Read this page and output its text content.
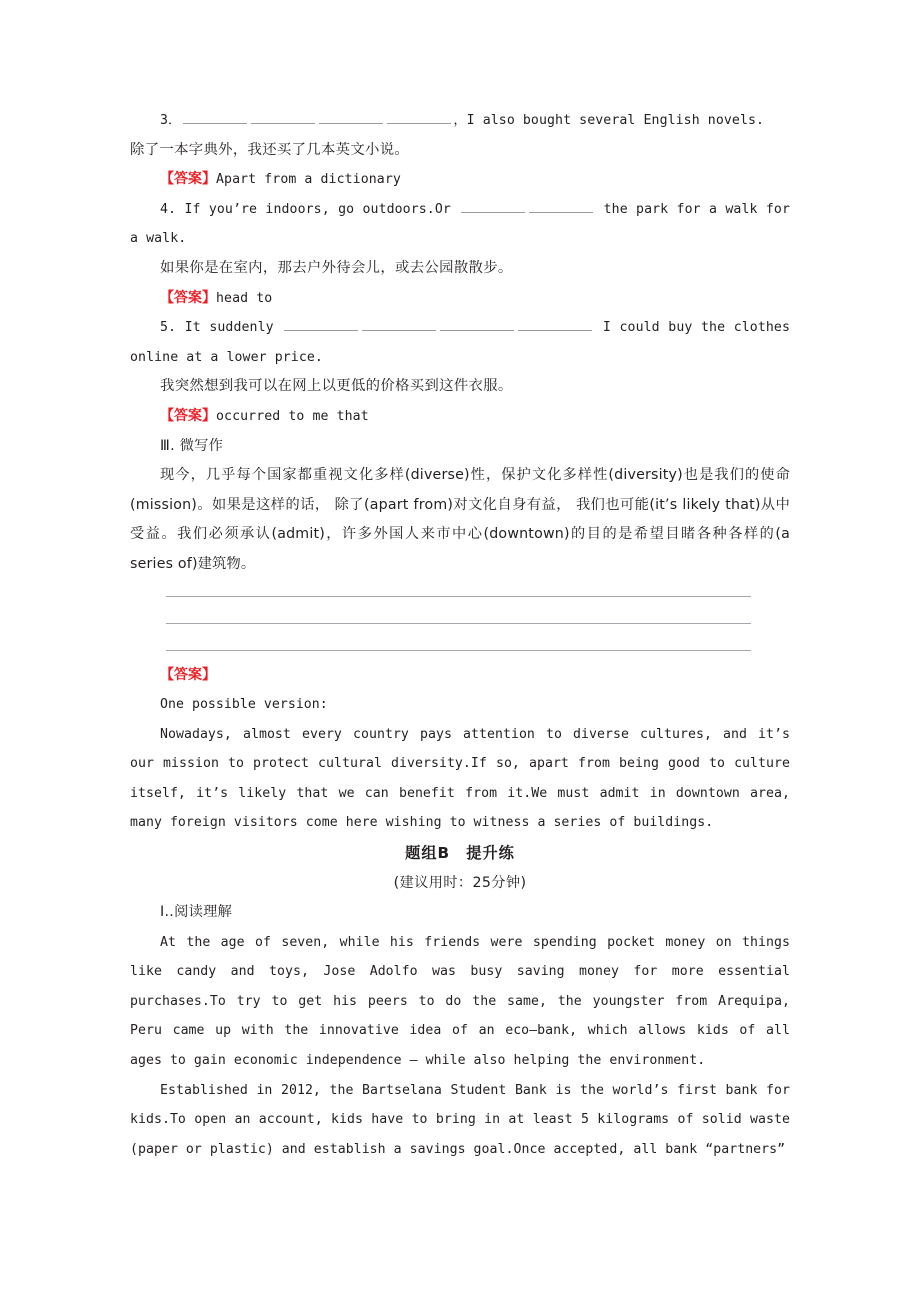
3．	，I also bought several English novels.
除了一本字典外，我还买了几本英文小说。
【答案】Apart from a dictionary
4. If you’re indoors, go outdoors.Or	the park for a walk for a walk.
如果你是在室内，那去户外待会儿，或去公园散散步。
【答案】head to
5. It suddenly	I could buy the clothes online at a lower price.
我突然想到我可以在网上以更低的价格买到这件衣服。
【答案】occurred to me that
Ⅲ. 微写作
现今，几乎每个国家都重视文化多样(diverse)性，保护文化多样性(diversity)也是我们的使命(mission)。如果是这样的话， 除了(apart from)对文化自身有益， 我们也可能(it’s likely that)从中受益。我们必须承认(admit)，许多外国人来市中心(downtown)的目的是希望目睹各种各样的(a series of)建筑物。
【答案】
One possible version:
Nowadays, almost every country pays attention to diverse cultures, and it’s our mission to protect cultural diversity.If so, apart from being good to culture itself, it’s likely that we can benefit from it.We must admit in downtown area, many foreign visitors come here wishing to witness a series of buildings.
题组B　提升练
(建议用时：25分钟)
Ⅰ..阅读理解
At the age of seven, while his friends were spending pocket money on things like candy and toys, Jose Adolfo was busy saving money for more essential purchases.To try to get his peers to do the same, the youngster from Arequipa, Peru came up with the innovative idea of an eco—bank, which allows kids of all ages to gain economic independence — while also helping the environment.
Established in 2012, the Bartselana Student Bank is the world’s first bank for kids.To open an account, kids have to bring in at least 5 kilograms of solid waste (paper or plastic) and establish a savings goal.Once accepted, all bank “partners”
